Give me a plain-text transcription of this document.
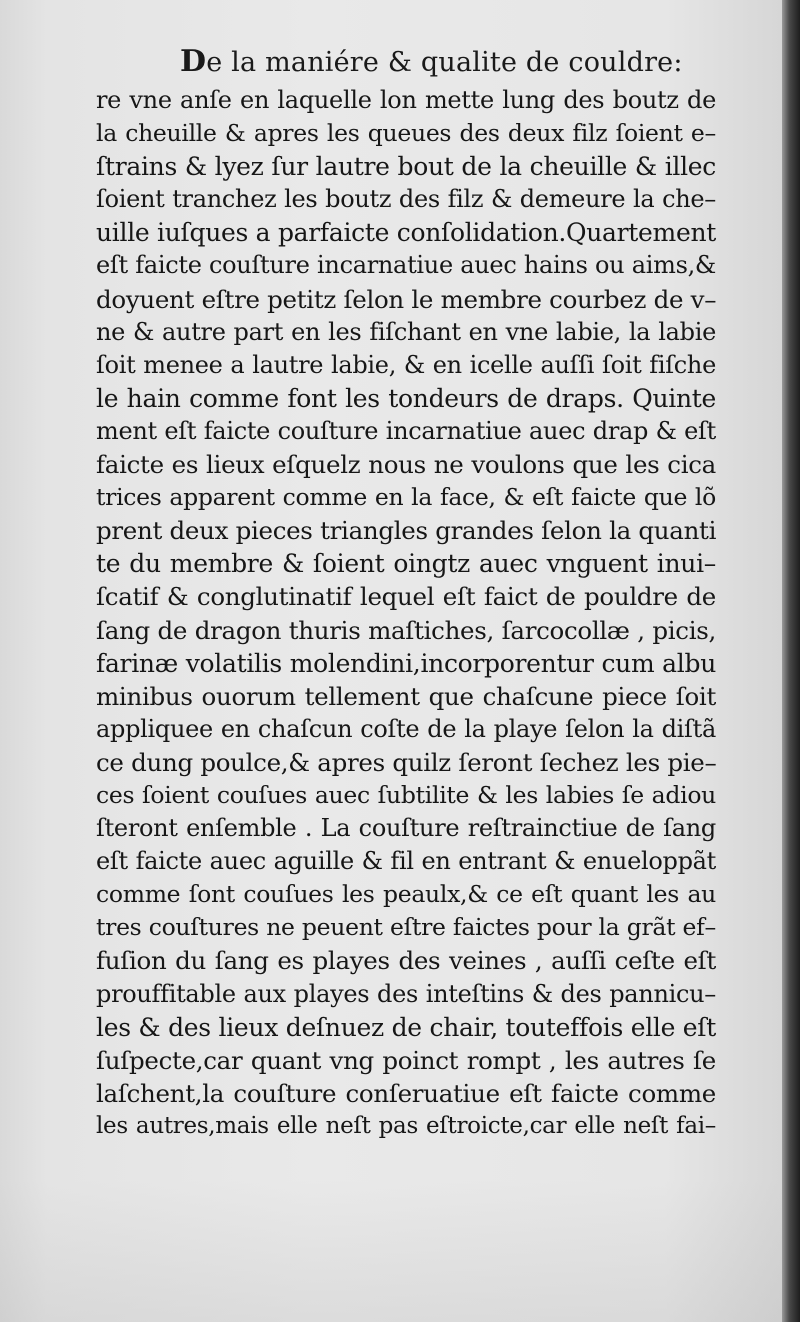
De la maniére & qualite de couldre:
re vne anſe en laquelle lon mette lung des boutz de
la cheuille & apres les queues des deux filz ſoient e–
ſtrains & lyez ſur lautre bout de la cheuille & illec
ſoient tranchez les boutz des filz & demeure la che–
uille iuſques a parfaicte conſolidation.Quartement
eſt faicte couſture incarnatiue auec hains ou aims,&
doyuent eſtre petitz ſelon le membre courbez de v–
ne & autre part en les fiſchant en vne labie, la labie
ſoit menee a lautre labie, & en icelle auſſi ſoit fiſche
le hain comme font les tondeurs de draps. Quinte
ment eſt faicte couſture incarnatiue auec drap & eſt
faicte es lieux eſquelz nous ne voulons que les cica
trices apparent comme en la face, & eſt faicte que lõ
prent deux pieces triangles grandes ſelon la quanti
te du membre & ſoient oingtz auec vnguent inui–
ſcatif & conglutinatif lequel eſt faict de pouldre de
ſang de dragon thuris maſtiches, ſarcocollæ , picis,
farinæ volatilis molendini,incorporentur cum albu
minibus ouorum tellement que chaſcune piece ſoit
appliquee en chaſcun coſte de la playe ſelon la diſtã
ce dung poulce,& apres quilz ſeront ſechez les pie–
ces ſoient couſues auec ſubtilite & les labies ſe adiou
ſteront enſemble . La couſture reſtrainctiue de ſang
eſt faicte auec aguille & fil en entrant & enueloppãt
comme ſont couſues les peaulx,& ce eſt quant les au
tres couſtures ne peuent eſtre faictes pour la grãt ef–
fuſion du ſang es playes des veines , auſſi ceſte eſt
prouffitable aux playes des inteſtins & des pannicu–
les & des lieux deſnuez de chair, touteffois elle eſt
ſuſpecte,car quant vng poinct rompt , les autres ſe
laſchent,la couſture conſeruatiue eſt faicte comme
les autres,mais elle neſt pas eſtroicte,car elle neſt fai–
